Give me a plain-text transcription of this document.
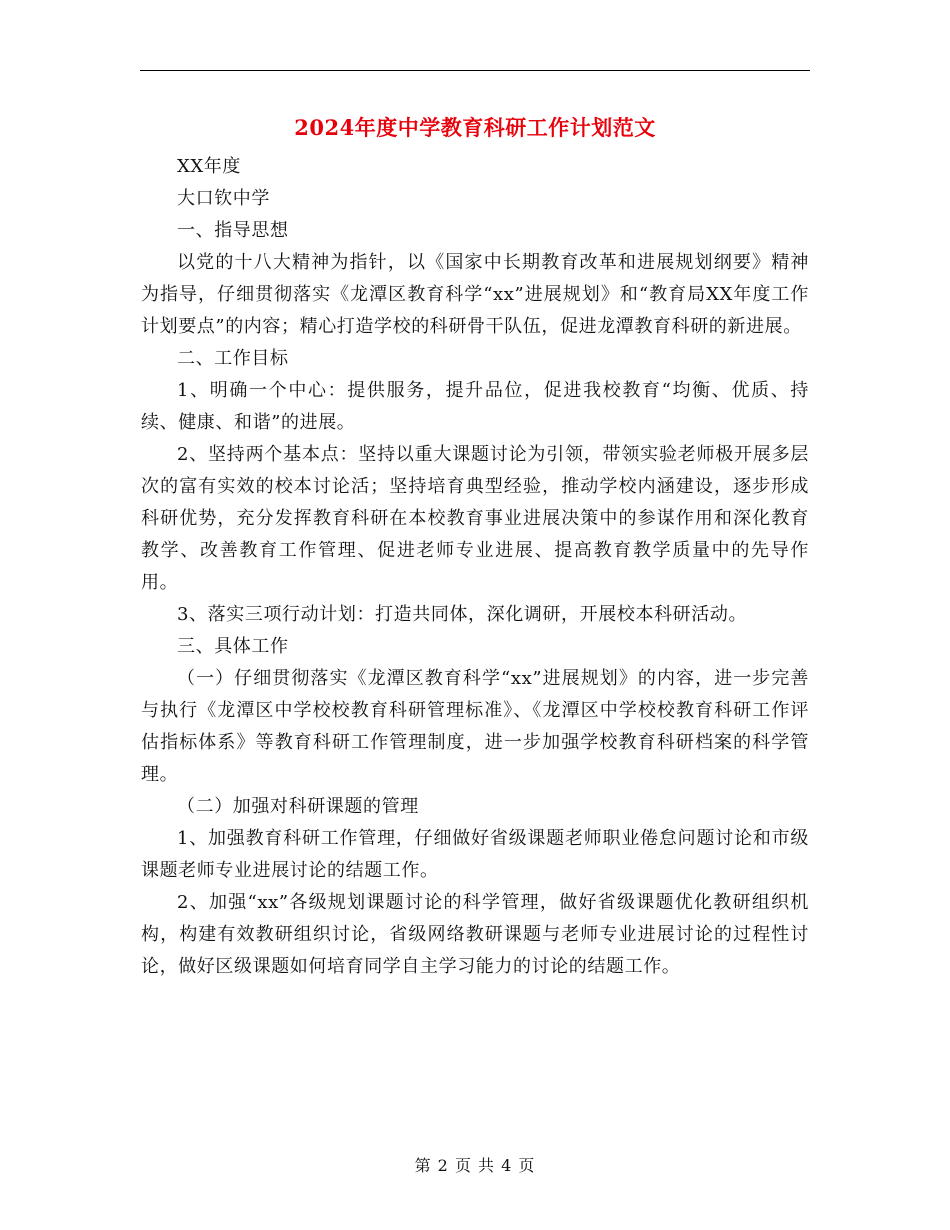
2024年度中学教育科研工作计划范文

XX年度

大口钦中学

一、指导思想

以党的十八大精神为指针，以《国家中长期教育改革和进展规划纲要》精神为指导，仔细贯彻落实《龙潭区教育科学“xx”进展规划》和“教育局XX年度工作计划要点”的内容；精心打造学校的科研骨干队伍，促进龙潭教育科研的新进展。

二、工作目标

1、明确一个中心：提供服务，提升品位，促进我校教育“均衡、优质、持续、健康、和谐”的进展。

2、坚持两个基本点：坚持以重大课题讨论为引领，带领实验老师极开展多层次的富有实效的校本讨论活；坚持培育典型经验，推动学校内涵建设，逐步形成科研优势，充分发挥教育科研在本校教育事业进展决策中的参谋作用和深化教育教学、改善教育工作管理、促进老师专业进展、提高教育教学质量中的先导作用。

3、落实三项行动计划：打造共同体，深化调研，开展校本科研活动。

三、具体工作

（一）仔细贯彻落实《龙潭区教育科学“xx”进展规划》的内容，进一步完善与执行《龙潭区中学校校教育科研管理标准》、《龙潭区中学校校教育科研工作评估指标体系》等教育科研工作管理制度，进一步加强学校教育科研档案的科学管理。

（二）加强对科研课题的管理

1、加强教育科研工作管理，仔细做好省级课题老师职业倦怠问题讨论和市级课题老师专业进展讨论的结题工作。

2、加强“xx”各级规划课题讨论的科学管理，做好省级课题优化教研组织机构，构建有效教研组织讨论，省级网络教研课题与老师专业进展讨论的过程性讨论，做好区级课题如何培育同学自主学习能力的讨论的结题工作。

第 2 页 共 4 页
